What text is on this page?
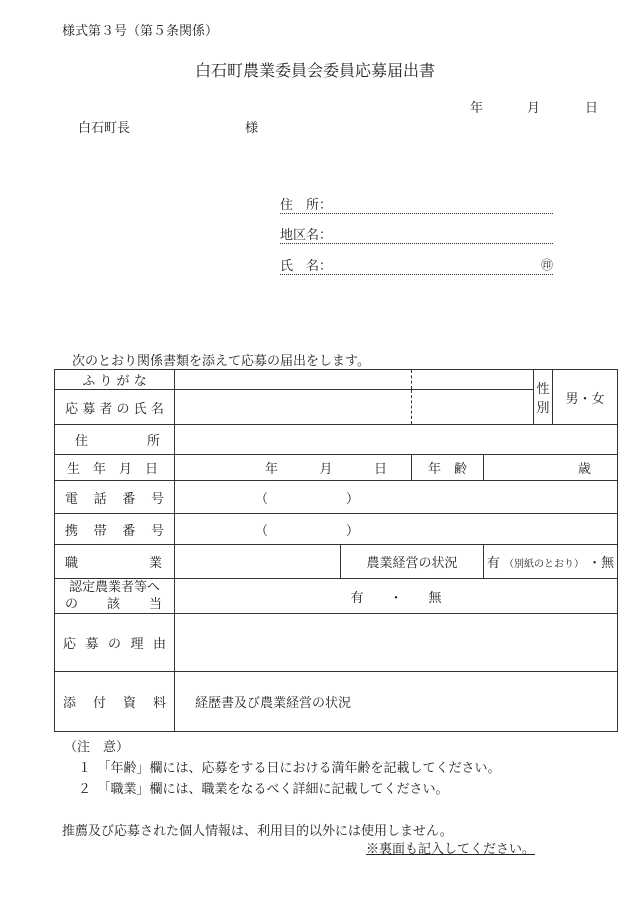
様式第３号（第５条関係）
白石町農業委員会委員応募届出書
年	月	日
白石町長	様
住　所：
地区名：
氏　名：	㊞
次のとおり関係書類を添えて応募の届出をします。
ふ り が な					性別	男・女
応 募 者 の 氏 名						

住 所						

生 年 月 日	年 月 日		年　齢	歳		

電 話 番 号	（　　　　　　）					

携 帯 番 号	（　　　　　　）					

職 業		農業経営の状況		有 （別紙のとおり） ・無		

認定農業者等へ
の 該 当	有　　・　　無					

応 募 の 理 由						

添 付 資 料	経歴書及び農業経営の状況					
（注　意）
１　「年齢」欄には、応募をする日における満年齢を記載してください。
２　「職業」欄には、職業をなるべく詳細に記載してください。
推薦及び応募された個人情報は、利用目的以外には使用しません。
※裏面も記入してください。
